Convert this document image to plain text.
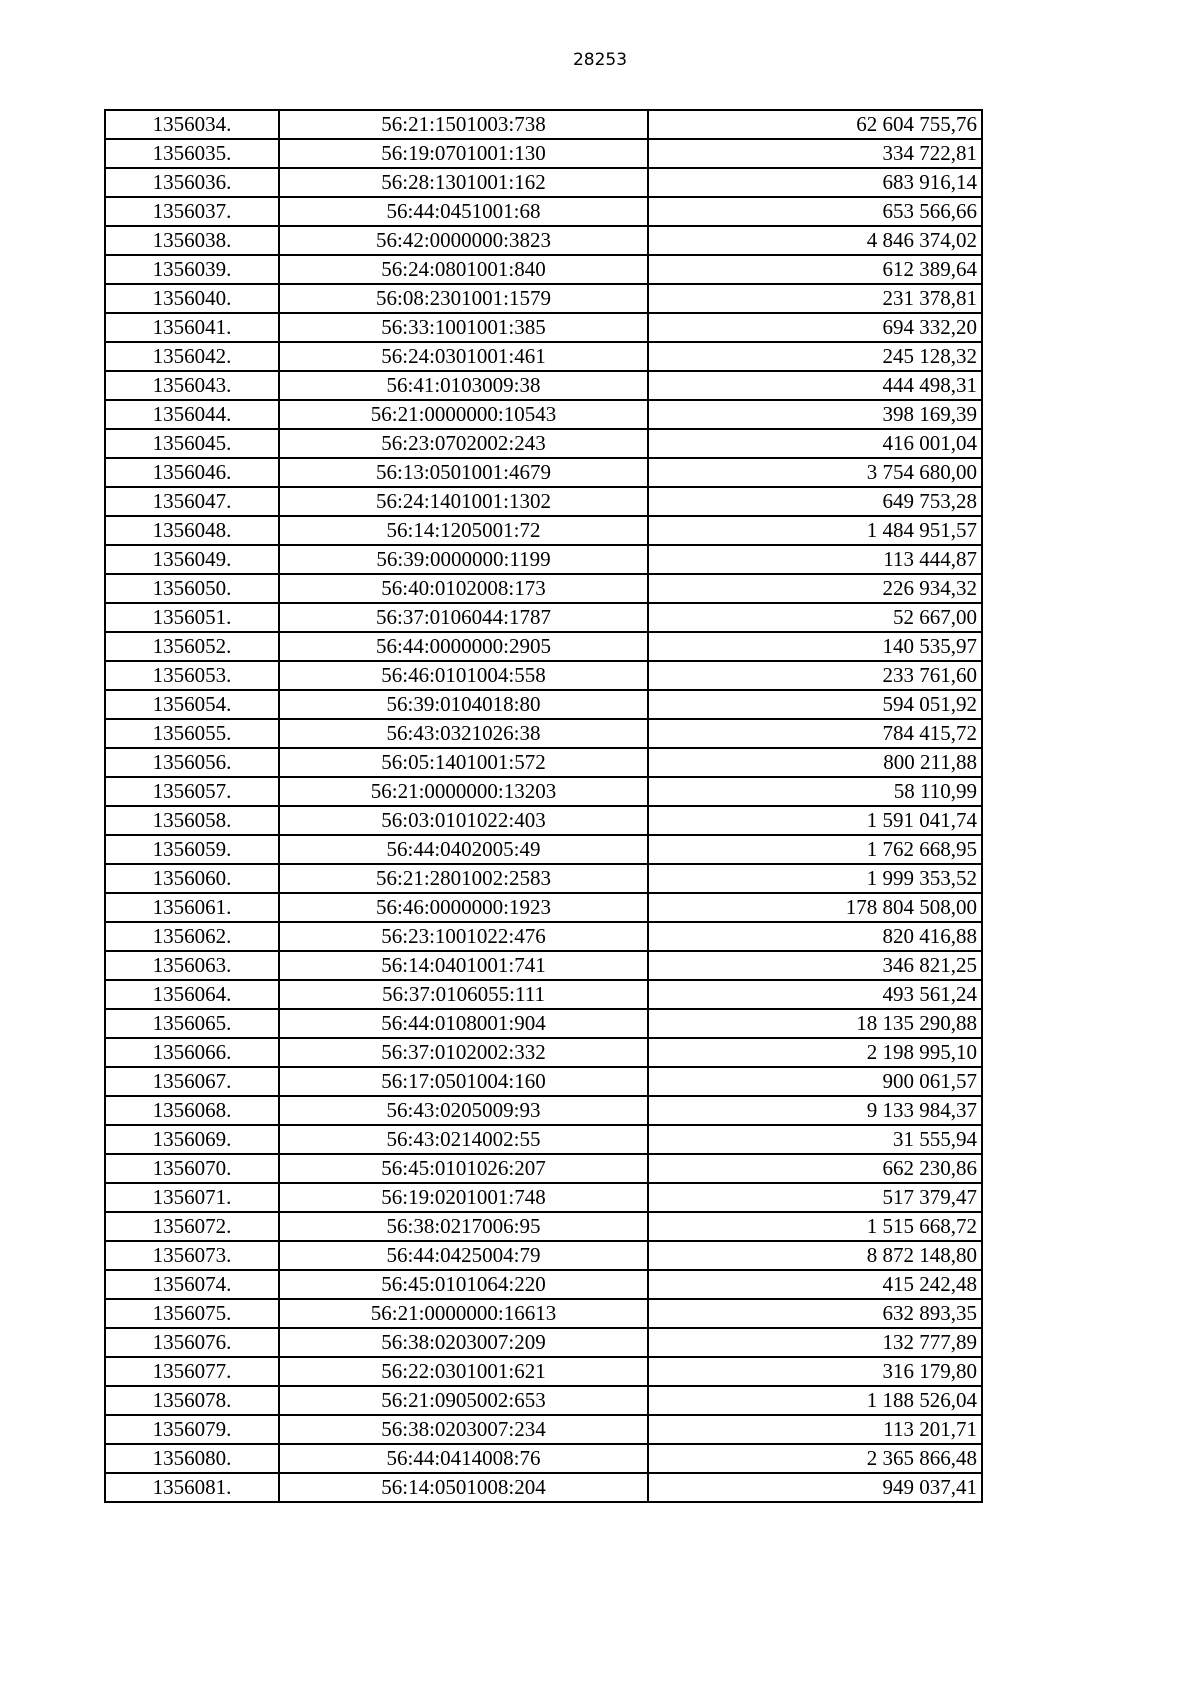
28253
1356034.	56:21:1501003:738	62 604 755,76
1356035.	56:19:0701001:130	334 722,81
1356036.	56:28:1301001:162	683 916,14
1356037.	56:44:0451001:68	653 566,66
1356038.	56:42:0000000:3823	4 846 374,02
1356039.	56:24:0801001:840	612 389,64
1356040.	56:08:2301001:1579	231 378,81
1356041.	56:33:1001001:385	694 332,20
1356042.	56:24:0301001:461	245 128,32
1356043.	56:41:0103009:38	444 498,31
1356044.	56:21:0000000:10543	398 169,39
1356045.	56:23:0702002:243	416 001,04
1356046.	56:13:0501001:4679	3 754 680,00
1356047.	56:24:1401001:1302	649 753,28
1356048.	56:14:1205001:72	1 484 951,57
1356049.	56:39:0000000:1199	113 444,87
1356050.	56:40:0102008:173	226 934,32
1356051.	56:37:0106044:1787	52 667,00
1356052.	56:44:0000000:2905	140 535,97
1356053.	56:46:0101004:558	233 761,60
1356054.	56:39:0104018:80	594 051,92
1356055.	56:43:0321026:38	784 415,72
1356056.	56:05:1401001:572	800 211,88
1356057.	56:21:0000000:13203	58 110,99
1356058.	56:03:0101022:403	1 591 041,74
1356059.	56:44:0402005:49	1 762 668,95
1356060.	56:21:2801002:2583	1 999 353,52
1356061.	56:46:0000000:1923	178 804 508,00
1356062.	56:23:1001022:476	820 416,88
1356063.	56:14:0401001:741	346 821,25
1356064.	56:37:0106055:111	493 561,24
1356065.	56:44:0108001:904	18 135 290,88
1356066.	56:37:0102002:332	2 198 995,10
1356067.	56:17:0501004:160	900 061,57
1356068.	56:43:0205009:93	9 133 984,37
1356069.	56:43:0214002:55	31 555,94
1356070.	56:45:0101026:207	662 230,86
1356071.	56:19:0201001:748	517 379,47
1356072.	56:38:0217006:95	1 515 668,72
1356073.	56:44:0425004:79	8 872 148,80
1356074.	56:45:0101064:220	415 242,48
1356075.	56:21:0000000:16613	632 893,35
1356076.	56:38:0203007:209	132 777,89
1356077.	56:22:0301001:621	316 179,80
1356078.	56:21:0905002:653	1 188 526,04
1356079.	56:38:0203007:234	113 201,71
1356080.	56:44:0414008:76	2 365 866,48
1356081.	56:14:0501008:204	949 037,41
